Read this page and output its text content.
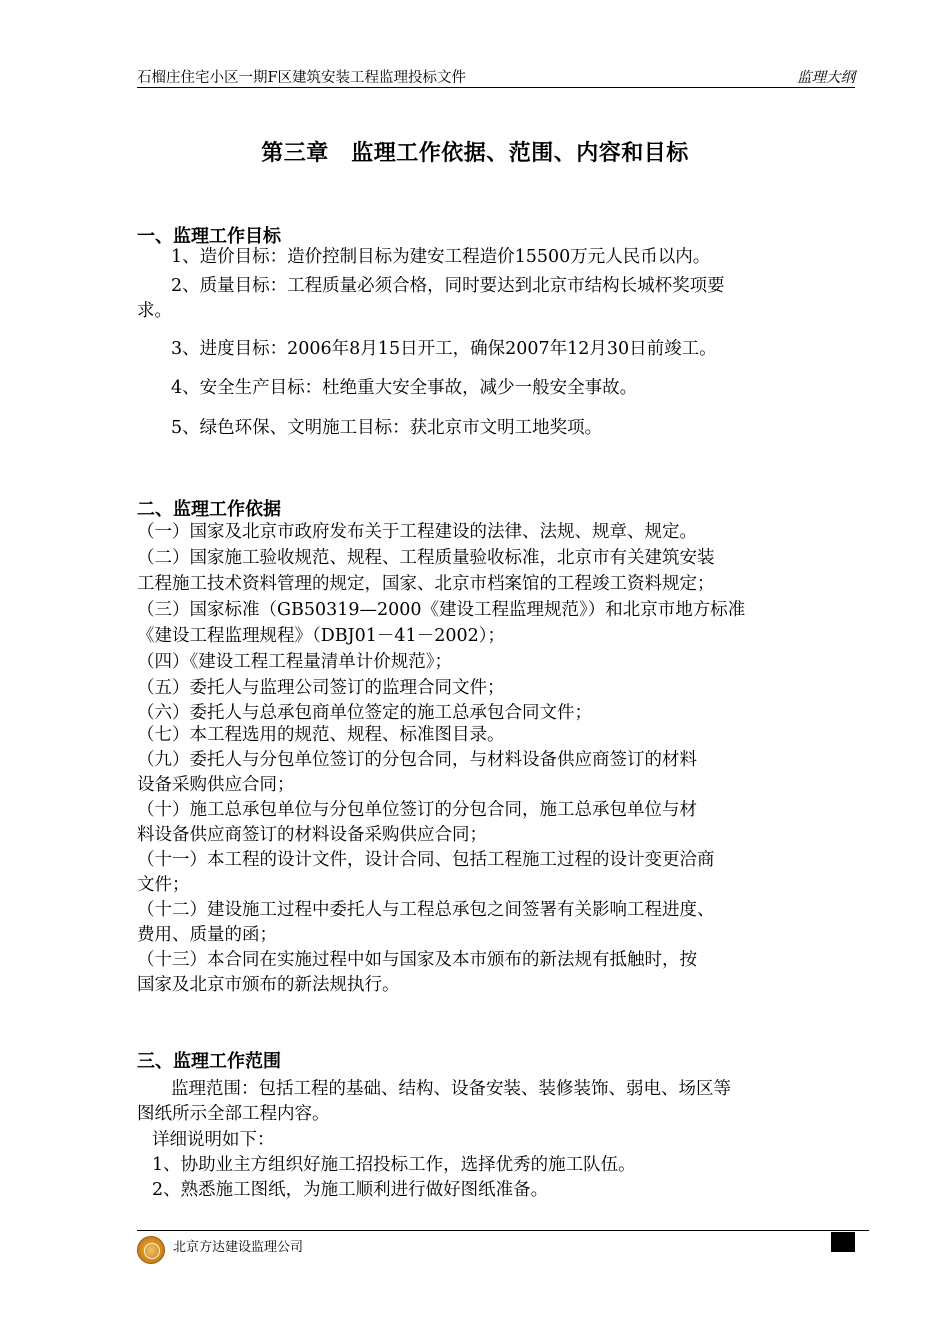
石榴庄住宅小区一期F区建筑安装工程监理投标文件	监理大纲
第三章　监理工作依据、范围、内容和目标
一、监理工作目标
1、造价目标：造价控制目标为建安工程造价15500万元人民币以内。
2、质量目标：工程质量必须合格，同时要达到北京市结构长城杯奖项要
求。
3、进度目标：2006年8月15日开工，确保2007年12月30日前竣工。
4、安全生产目标：杜绝重大安全事故，减少一般安全事故。
5、绿色环保、文明施工目标：获北京市文明工地奖项。
二、监理工作依据
（一）国家及北京市政府发布关于工程建设的法律、法规、规章、规定。
（二）国家施工验收规范、规程、工程质量验收标准，北京市有关建筑安装
工程施工技术资料管理的规定，国家、北京市档案馆的工程竣工资料规定；
（三）国家标准（GB50319—2000《建设工程监理规范》）和北京市地方标准
《建设工程监理规程》（DBJ01－41－2002）；
（四）《建设工程工程量清单计价规范》；
（五）委托人与监理公司签订的监理合同文件；
（六）委托人与总承包商单位签定的施工总承包合同文件；
（七）本工程选用的规范、规程、标准图目录。
（九）委托人与分包单位签订的分包合同，与材料设备供应商签订的材料
设备采购供应合同；
（十）施工总承包单位与分包单位签订的分包合同，施工总承包单位与材
料设备供应商签订的材料设备采购供应合同；
（十一）本工程的设计文件，设计合同、包括工程施工过程的设计变更洽商
文件；
（十二）建设施工过程中委托人与工程总承包之间签署有关影响工程进度、
费用、质量的函；
（十三）本合同在实施过程中如与国家及本市颁布的新法规有抵触时，按
国家及北京市颁布的新法规执行。
三、监理工作范围
监理范围：包括工程的基础、结构、设备安装、装修装饰、弱电、场区等
图纸所示全部工程内容。
详细说明如下：
1、协助业主方组织好施工招投标工作，选择优秀的施工队伍。
2、熟悉施工图纸，为施工顺利进行做好图纸准备。
北京方达建设监理公司
